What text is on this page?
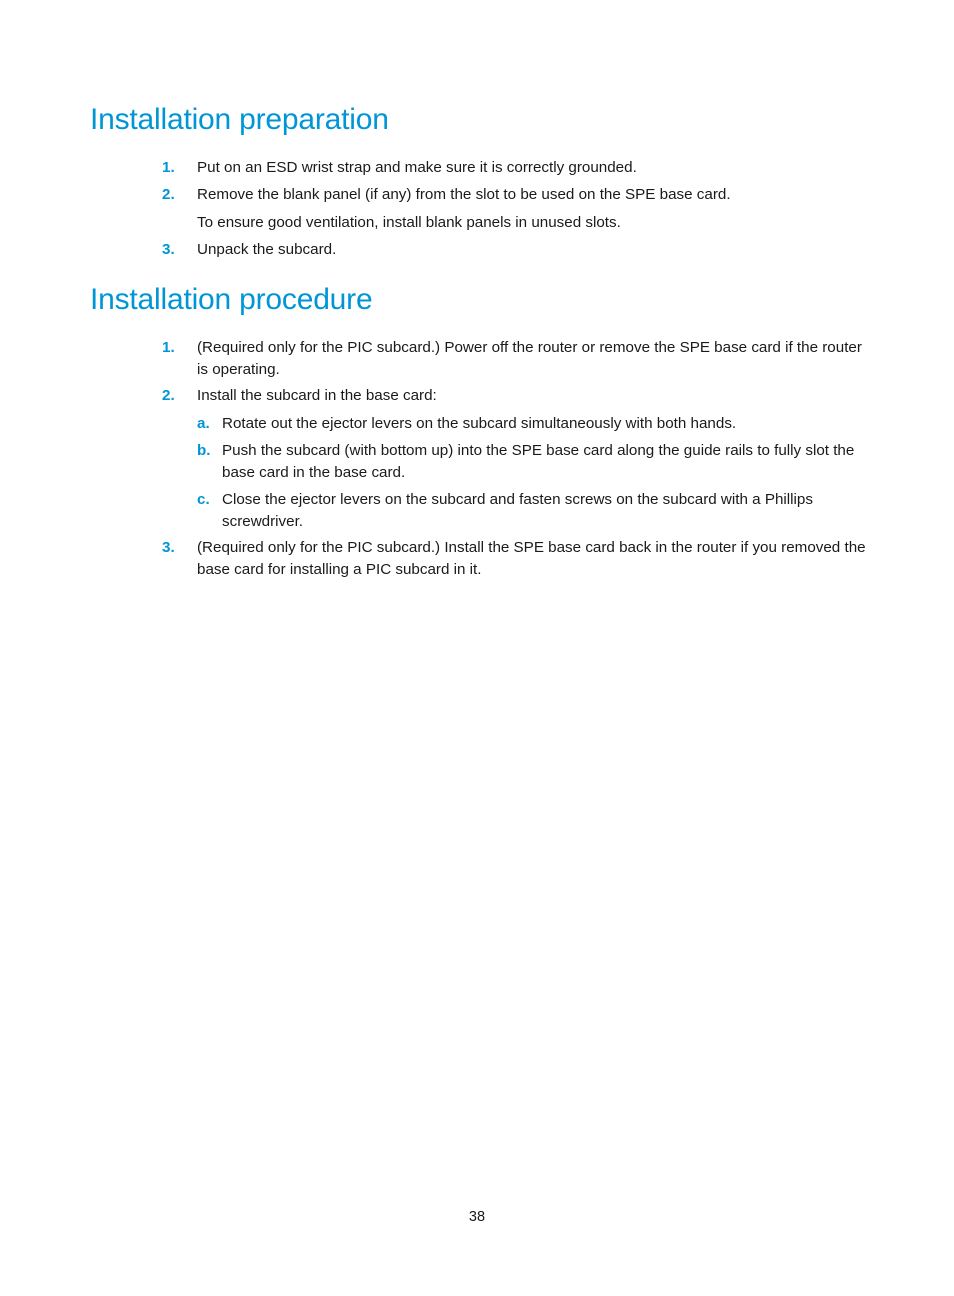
Installation preparation
1. Put on an ESD wrist strap and make sure it is correctly grounded.
2. Remove the blank panel (if any) from the slot to be used on the SPE base card.
To ensure good ventilation, install blank panels in unused slots.
3. Unpack the subcard.
Installation procedure
1. (Required only for the PIC subcard.) Power off the router or remove the SPE base card if the router is operating.
2. Install the subcard in the base card:
a. Rotate out the ejector levers on the subcard simultaneously with both hands.
b. Push the subcard (with bottom up) into the SPE base card along the guide rails to fully slot the base card in the base card.
c. Close the ejector levers on the subcard and fasten screws on the subcard with a Phillips screwdriver.
3. (Required only for the PIC subcard.) Install the SPE base card back in the router if you removed the base card for installing a PIC subcard in it.
38
